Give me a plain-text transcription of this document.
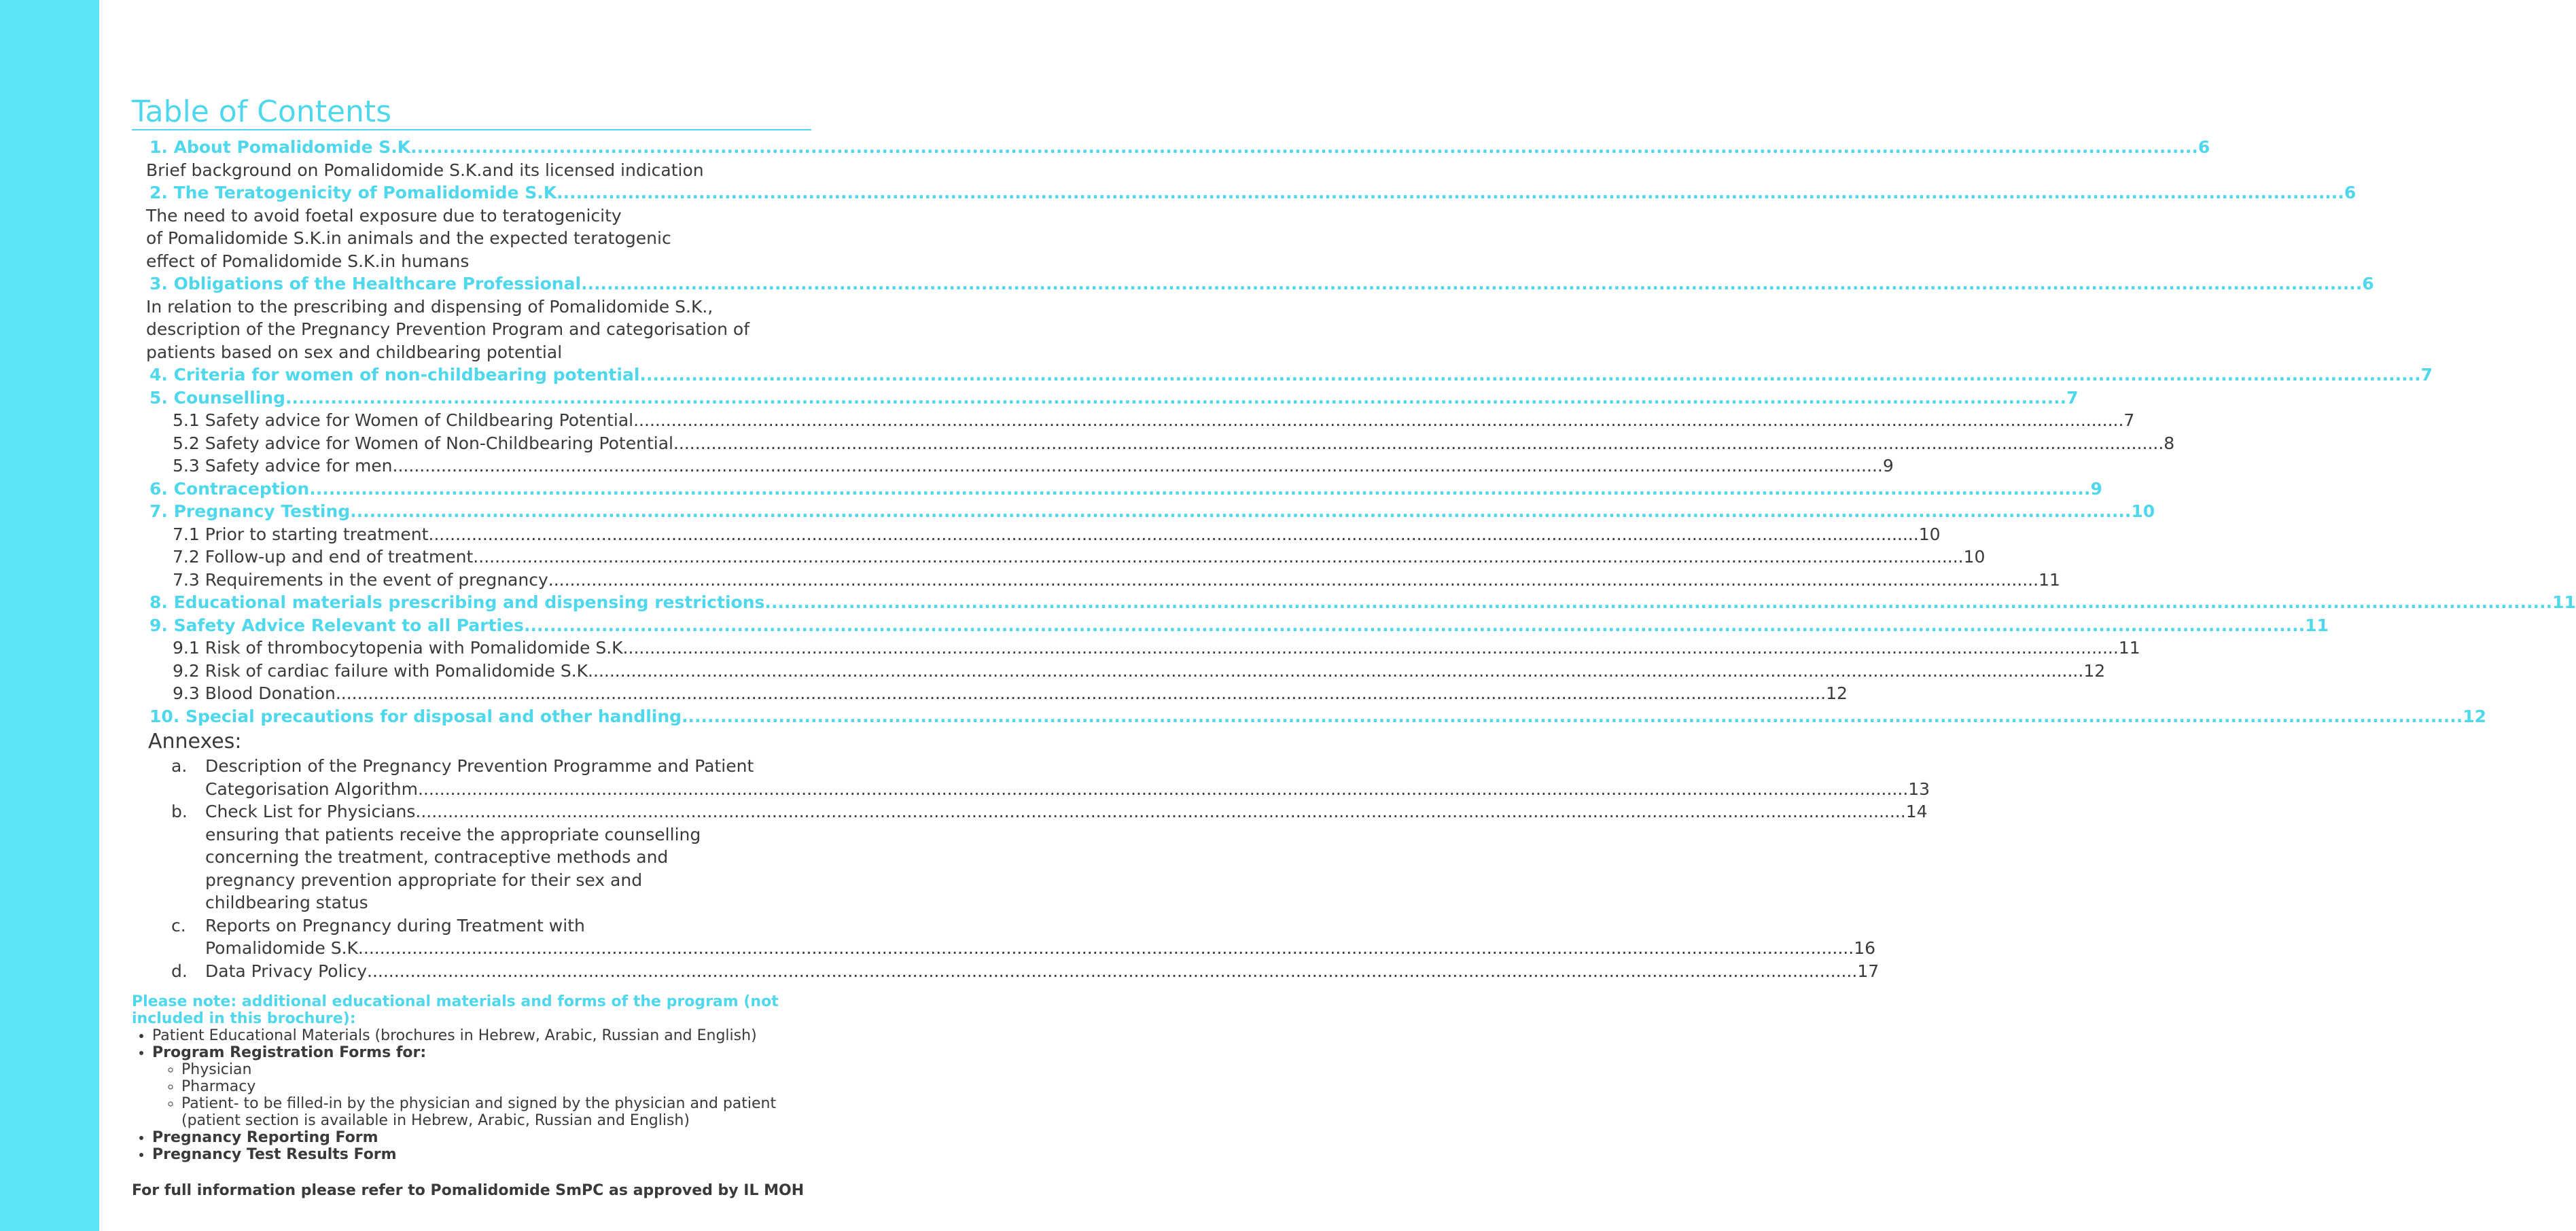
Table of Contents
1. About Pomalidomide S.K. .....	6
Brief background on Pomalidomide S.K.and its licensed indication
2. The Teratogenicity of Pomalidomide S.K. .....	6
The need to avoid foetal exposure due to teratogenicity
of Pomalidomide S.K.in animals and the expected teratogenic
effect of Pomalidomide S.K.in humans
3. Obligations of the Healthcare Professional .....	6
In relation to the prescribing and dispensing of Pomalidomide S.K.,
description of the Pregnancy Prevention Program and categorisation of
patients based on sex and childbearing potential
4. Criteria for women of non-childbearing potential .....	7
5. Counselling .....	7
5.1 Safety advice for Women of Childbearing Potential .....	7
5.2 Safety advice for Women of Non-Childbearing Potential .....	8
5.3 Safety advice for men .....	9
6. Contraception .....	9
7. Pregnancy Testing .....	10
7.1 Prior to starting treatment .....	10
7.2 Follow-up and end of treatment .....	10
7.3 Requirements in the event of pregnancy .....	11
8. Educational materials prescribing and dispensing restrictions. .....	11
9. Safety Advice Relevant to all Parties .....	11
9.1 Risk of thrombocytopenia with Pomalidomide S.K. .....	11
9.2 Risk of cardiac failure with Pomalidomide S.K. .....	12
9.3 Blood Donation .....	12
10. Special precautions for disposal and other handling .....	12
Annexes:
a.	Description of the Pregnancy Prevention Programme and Patient
Categorisation Algorithm .....	13
b.	Check List for Physicians .....	14
ensuring that patients receive the appropriate counselling
concerning the treatment, contraceptive methods and
pregnancy prevention appropriate for their sex and
childbearing status
c.	Reports on Pregnancy during Treatment with
Pomalidomide S.K. .....	16
d.	Data Privacy Policy .....	17
Please note: additional educational materials and forms of the program (not included in this brochure):
• Patient Educational Materials (brochures in Hebrew, Arabic, Russian and English)
• Program Registration Forms for:
◦ Physician
◦ Pharmacy
◦ Patient- to be filled-in by the physician and signed by the physician and patient (patient section is available in Hebrew, Arabic, Russian and English)
• Pregnancy Reporting Form
• Pregnancy Test Results Form
For full information please refer to Pomalidomide SmPC as approved by IL MOH
